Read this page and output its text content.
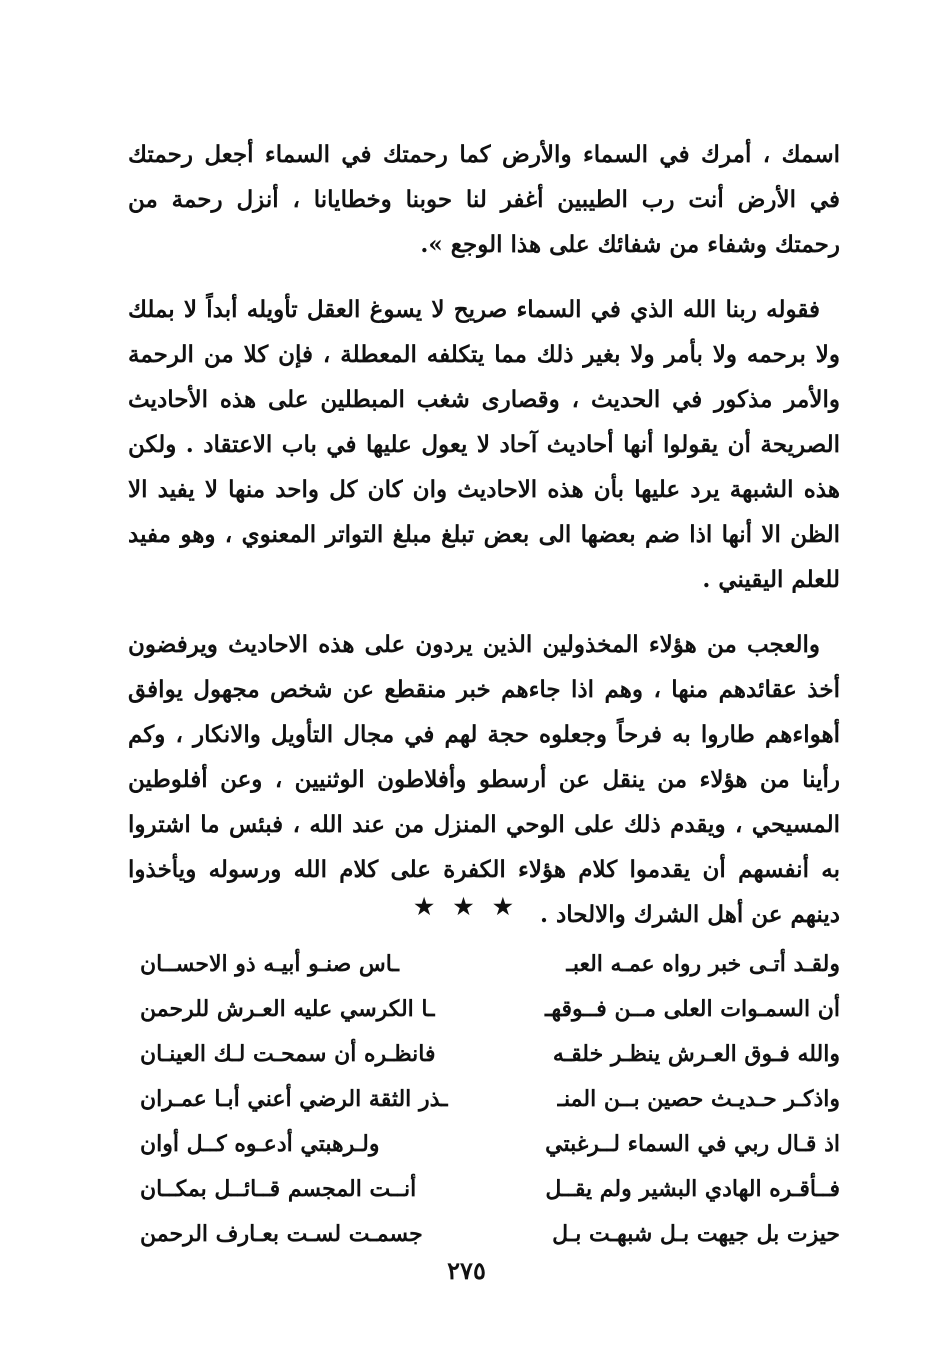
اسمك ، أمرك في السماء والأرض كما رحمتك في السماء أجعل رحمتك في الأرض أنت رب الطيبين أغفر لنا حوبنا وخطايانا ، أنزل رحمة من رحمتك وشفاء من شفائك على هذا الوجع ».

فقوله ربنا الله الذي في السماء صريح لا يسوغ العقل تأويله أبداً لا بملك ولا برحمه ولا بأمر ولا بغير ذلك مما يتكلفه المعطلة ، فإن كلا من الرحمة والأمر مذكور في الحديث ، وقصارى شغب المبطلين على هذه الأحاديث الصريحة أن يقولوا أنها أحاديث آحاد لا يعول عليها في باب الاعتقاد . ولكن هذه الشبهة يرد عليها بأن هذه الاحاديث وان كان كل واحد منها لا يفيد الا الظن الا أنها اذا ضم بعضها الى بعض تبلغ مبلغ التواتر المعنوي ، وهو مفيد للعلم اليقيني .

والعجب من هؤلاء المخذولين الذين يردون على هذه الاحاديث ويرفضون أخذ عقائدهم منها ، وهم اذا جاءهم خبر منقطع عن شخص مجهول يوافق أهواءهم طاروا به فرحاً وجعلوه حجة لهم في مجال التأويل والانكار ، وكم رأينا من هؤلاء من ينقل عن أرسطو وأفلاطون الوثنيين ، وعن أفلوطين المسيحي ، ويقدم ذلك على الوحي المنزل من عند الله ، فبئس ما اشتروا به أنفسهم أن يقدموا كلام هؤلاء الكفرة على كلام الله ورسوله ويأخذوا دينهم عن أهل الشرك والالحاد .

★ ★ ★
ولقـد أتـى خبر رواه عمـه العبـ
ـاس صنـو أبيـه ذو الاحســان
أن السمـوات العلى مــن فــوقهـ
ـا الكرسي عليه العـرش للرحمن
والله فـوق العـرش ينظـر خلقـه
فانظـره أن سمحـت لـك العينـان
واذكـر حـديـث حصين بــن المنـ
ـذر الثقة الرضي أعني أبـا عمـران
اذ قـال ربي في السماء لــرغبتي
ولـرهبتي أدعـوه كــل أوان
فــأقـره الهادي البشير ولم يقــل
أنــت المجسم قــائــل بمكــان
حيزت بل جيهت بـل شبهـت بـل
جسمـت لسـت بعـارف الرحمن
٢٧٥
